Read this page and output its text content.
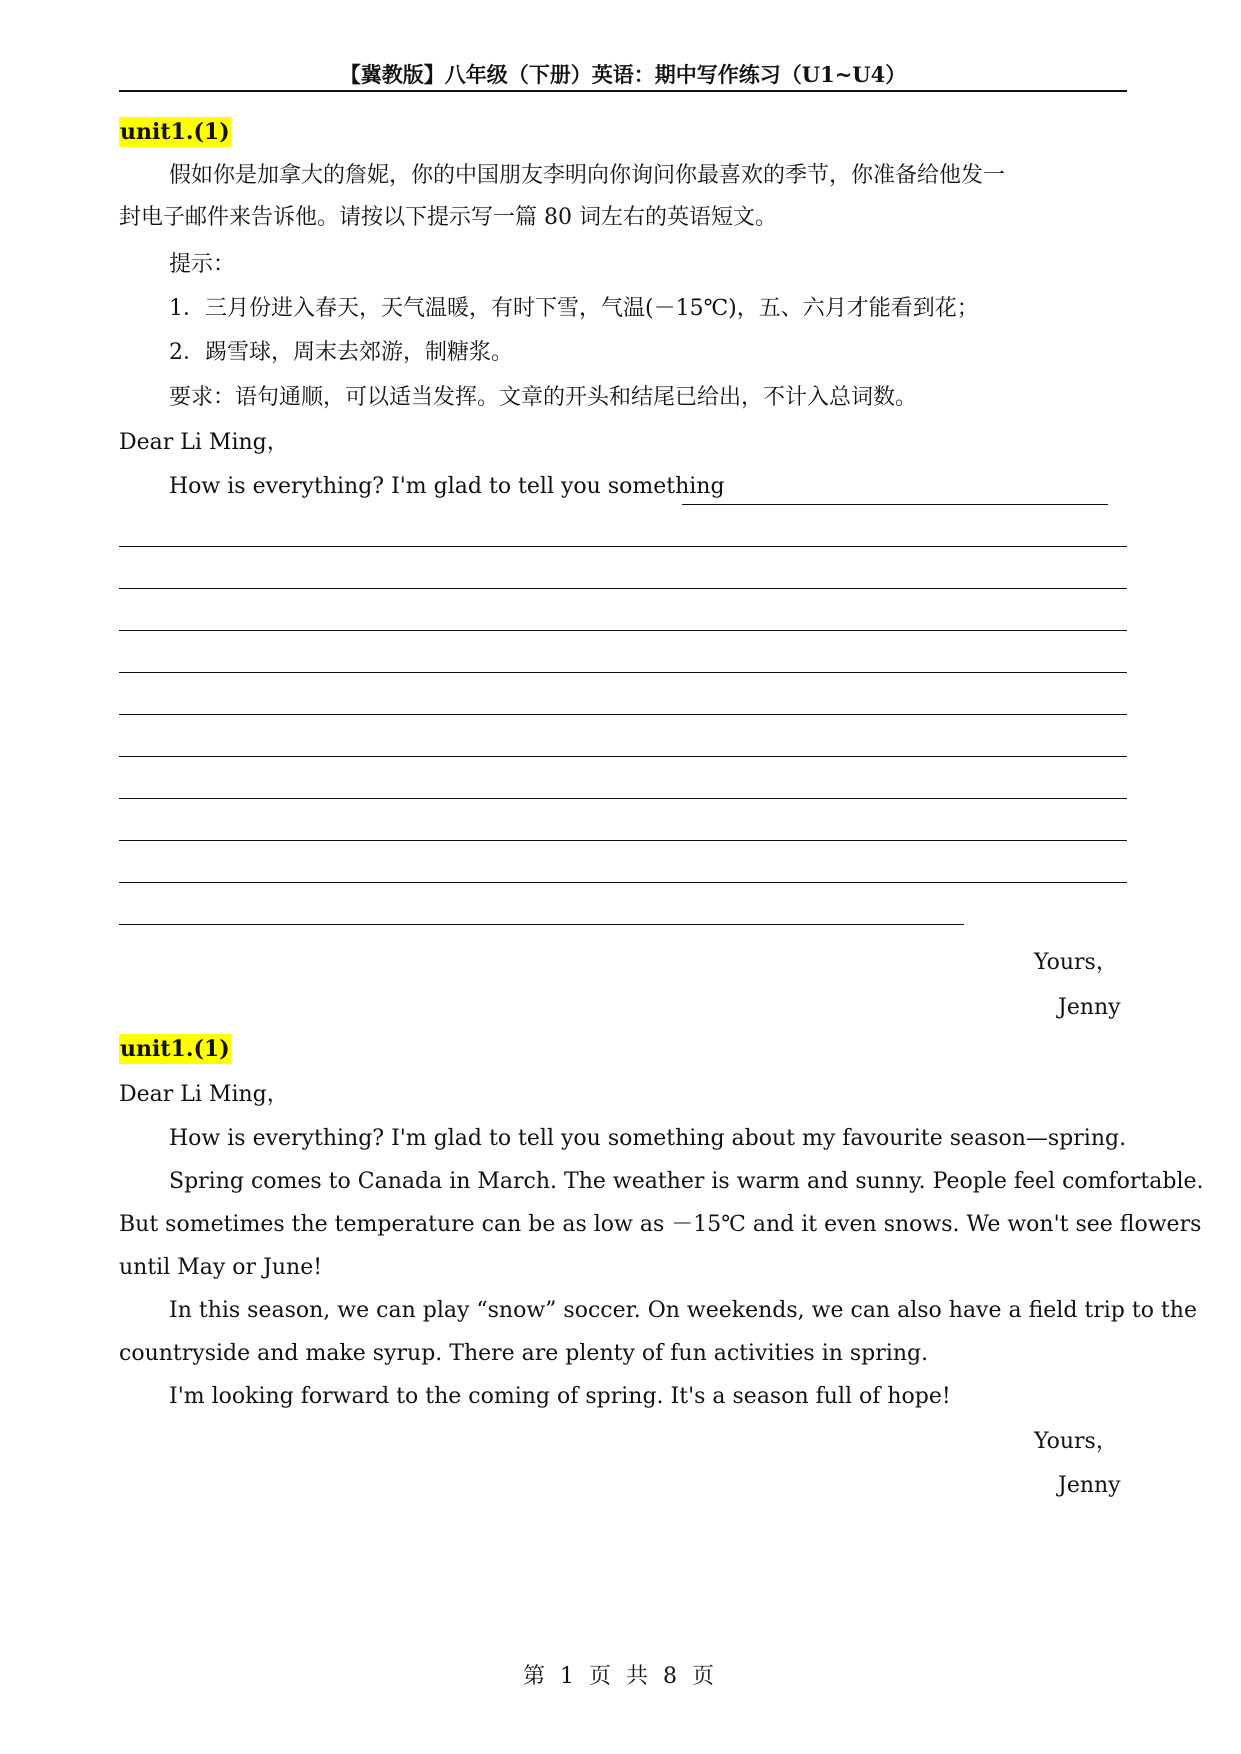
【冀教版】八年级（下册）英语：期中写作练习（U1~U4）
unit1.(1)
假如你是加拿大的詹妮，你的中国朋友李明向你询问你最喜欢的季节，你准备给他发一
封电子邮件来告诉他。请按以下提示写一篇 80 词左右的英语短文。
提示：
1．三月份进入春天，天气温暖，有时下雪，气温(－15℃)，五、六月才能看到花；
2．踢雪球，周末去郊游，制糖浆。
要求：语句通顺，可以适当发挥。文章的开头和结尾已给出，不计入总词数。
Dear Li Ming，
How is everything? I'm glad to tell you something
Yours，
Jenny
unit1.(1)
Dear Li Ming，
How is everything? I'm glad to tell you something about my favourite season—spring.
Spring comes to Canada in March. The weather is warm and sunny. People feel comfortable.
But sometimes the temperature can be as low as －15℃ and it even snows. We won't see flowers
until May or June!
In this season, we can play “snow” soccer. On weekends, we can also have a field trip to the
countryside and make syrup. There are plenty of fun activities in spring.
I'm looking forward to the coming of spring. It's a season full of hope!
Yours，
Jenny
第 1 页 共 8 页
